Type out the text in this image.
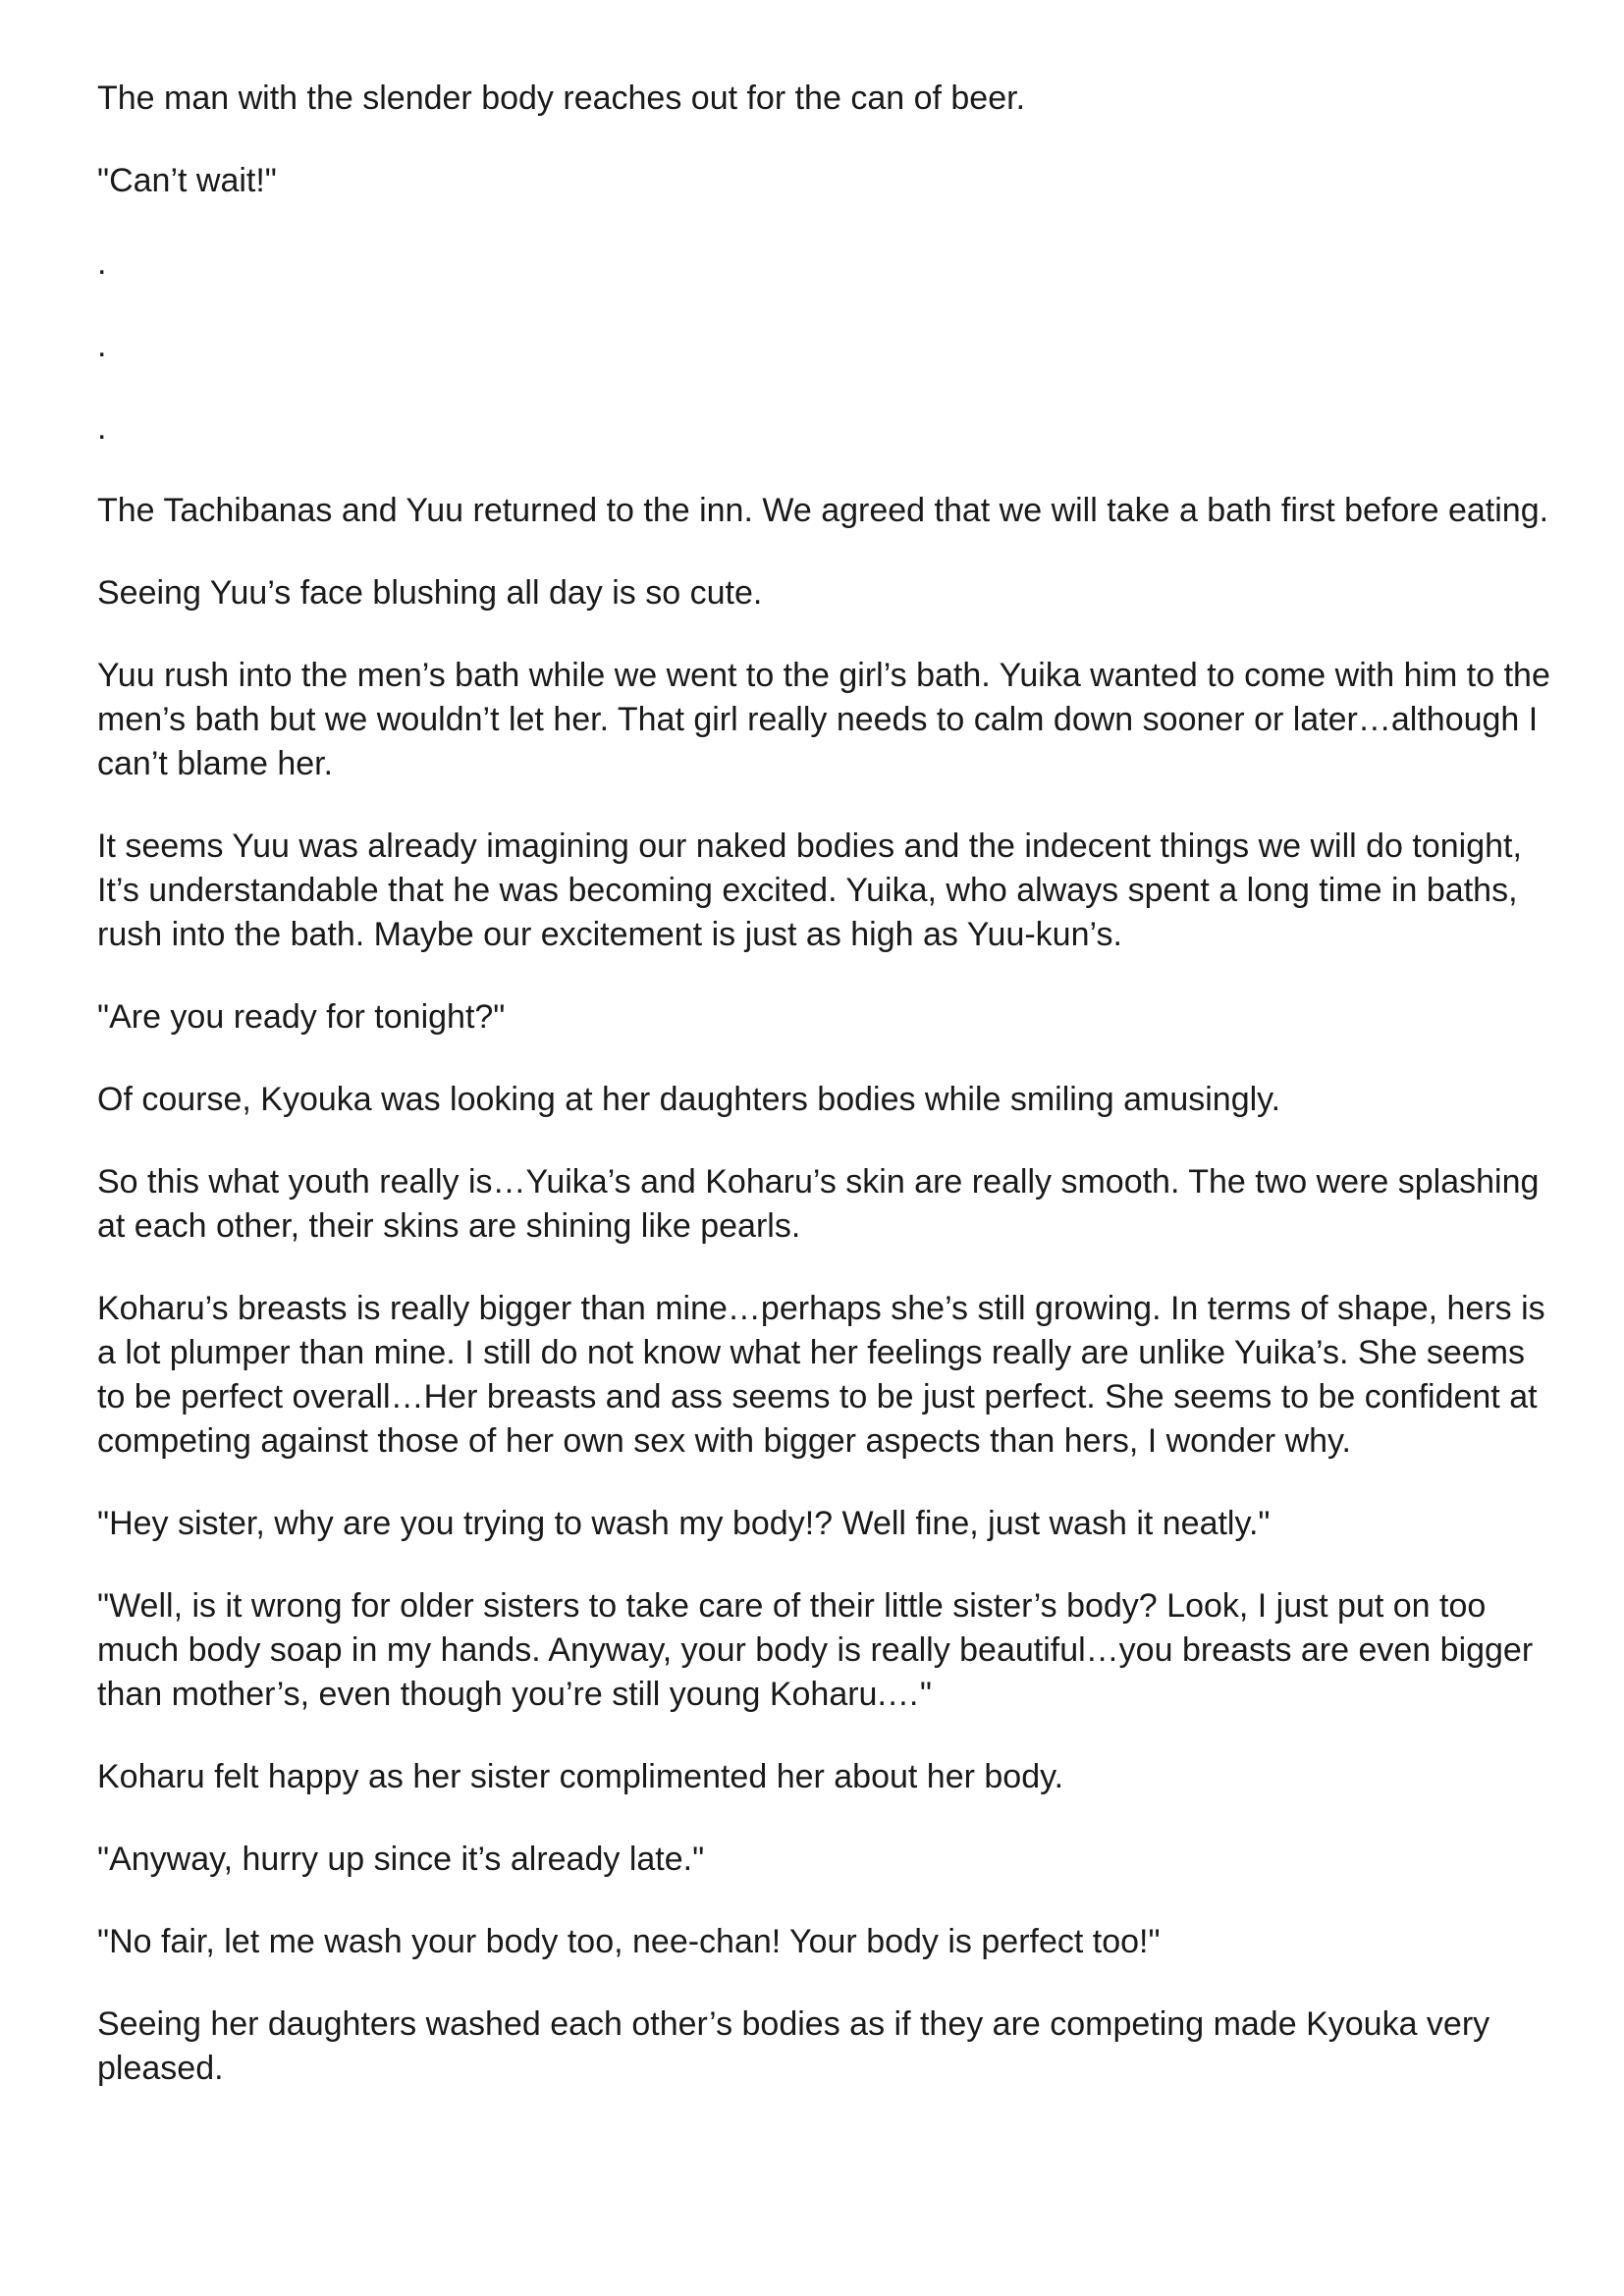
The man with the slender body reaches out for the can of beer.

"Can’t wait!"

.

.

.

The Tachibanas and Yuu returned to the inn. We agreed that we will take a bath first before eating.

Seeing Yuu’s face blushing all day is so cute.

Yuu rush into the men’s bath while we went to the girl’s bath. Yuika wanted to come with him to the men’s bath but we wouldn’t let her. That girl really needs to calm down sooner or later…although I can’t blame her.

It seems Yuu was already imagining our naked bodies and the indecent things we will do tonight, It’s understandable that he was becoming excited. Yuika, who always spent a long time in baths, rush into the bath. Maybe our excitement is just as high as Yuu-kun’s.

"Are you ready for tonight?"

Of course, Kyouka was looking at her daughters bodies while smiling amusingly.

So this what youth really is…Yuika’s and Koharu’s skin are really smooth. The two were splashing at each other, their skins are shining like pearls.

Koharu’s breasts is really bigger than mine…perhaps she’s still growing. In terms of shape, hers is a lot plumper than mine. I still do not know what her feelings really are unlike Yuika’s. She seems to be perfect overall…Her breasts and ass seems to be just perfect. She seems to be confident at competing against those of her own sex with bigger aspects than hers, I wonder why.

"Hey sister, why are you trying to wash my body!? Well fine, just wash it neatly."

"Well, is it wrong for older sisters to take care of their little sister’s body? Look, I just put on too much body soap in my hands. Anyway, your body is really beautiful…you breasts are even bigger than mother’s, even though you’re still young Koharu.…"

Koharu felt happy as her sister complimented her about her body.

"Anyway, hurry up since it’s already late."

"No fair, let me wash your body too, nee-chan! Your body is perfect too!"

Seeing her daughters washed each other’s bodies as if they are competing made Kyouka very pleased.
